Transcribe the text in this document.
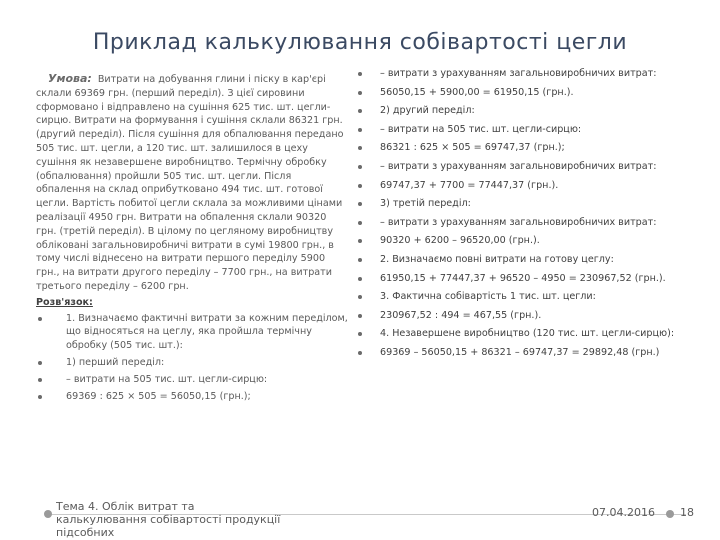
Приклад калькулювання собівартості цегли

Умова: Витрати на добування глини і піску в кар'єрі склали 69369 грн. (перший переділ). З цієї сировини сформовано і відправлено на сушіння 625 тис. шт. цегли-сирцю. Витрати на формування і сушіння склали 86321 грн. (другий переділ). Після сушіння для обпалювання передано 505 тис. шт. цегли, а 120 тис. шт. залишилося в цеху сушіння як незавершене виробництво. Термічну обробку (обпалювання) пройшли 505 тис. шт. цегли. Після обпалення на склад оприбутковано 494 тис. шт. готової цегли. Вартість побитої цегли склала за можливими цінами реалізації 4950 грн. Витрати на обпалення склали 90320 грн. (третій переділ). В цілому по цегляному виробництву обліковані загальновиробничі витрати в сумі 19800 грн., в тому числі віднесено на витрати першого переділу 5900 грн., на витрати другого переділу – 7700 грн., на витрати третього переділу – 6200 грн.

Розв'язок:
1. Визначаємо фактичні витрати за кожним переділом, що відносяться на цеглу, яка пройшла термічну обробку (505 тис. шт.):
1) перший переділ:
– витрати на 505 тис. шт. цегли-сирцю:
69369 : 625 × 505 = 56050,15 (грн.);
– витрати з урахуванням загальновиробничих витрат:
56050,15 + 5900,00 = 61950,15 (грн.).
2) другий переділ:
– витрати на 505 тис. шт. цегли-сирцю:
86321 : 625 × 505 = 69747,37 (грн.);
– витрати з урахуванням загальновиробничих витрат:
69747,37 + 7700 = 77447,37 (грн.).
3) третій переділ:
– витрати з урахуванням загальновиробничих витрат:
90320 + 6200 – 96520,00 (грн.).
2. Визначаємо повні витрати на готову цеглу:
61950,15 + 77447,37 + 96520 – 4950 = 230967,52 (грн.).
3. Фактична собівартість 1 тис. шт. цегли:
230967,52 : 494 = 467,55 (грн.).
4. Незавершене виробництво (120 тис. шт. цегли-сирцю):
69369 – 56050,15 + 86321 – 69747,37 = 29892,48 (грн.)
Тема 4. Облік витрат та калькулювання собівартості продукції підсобних
07.04.2016 18
